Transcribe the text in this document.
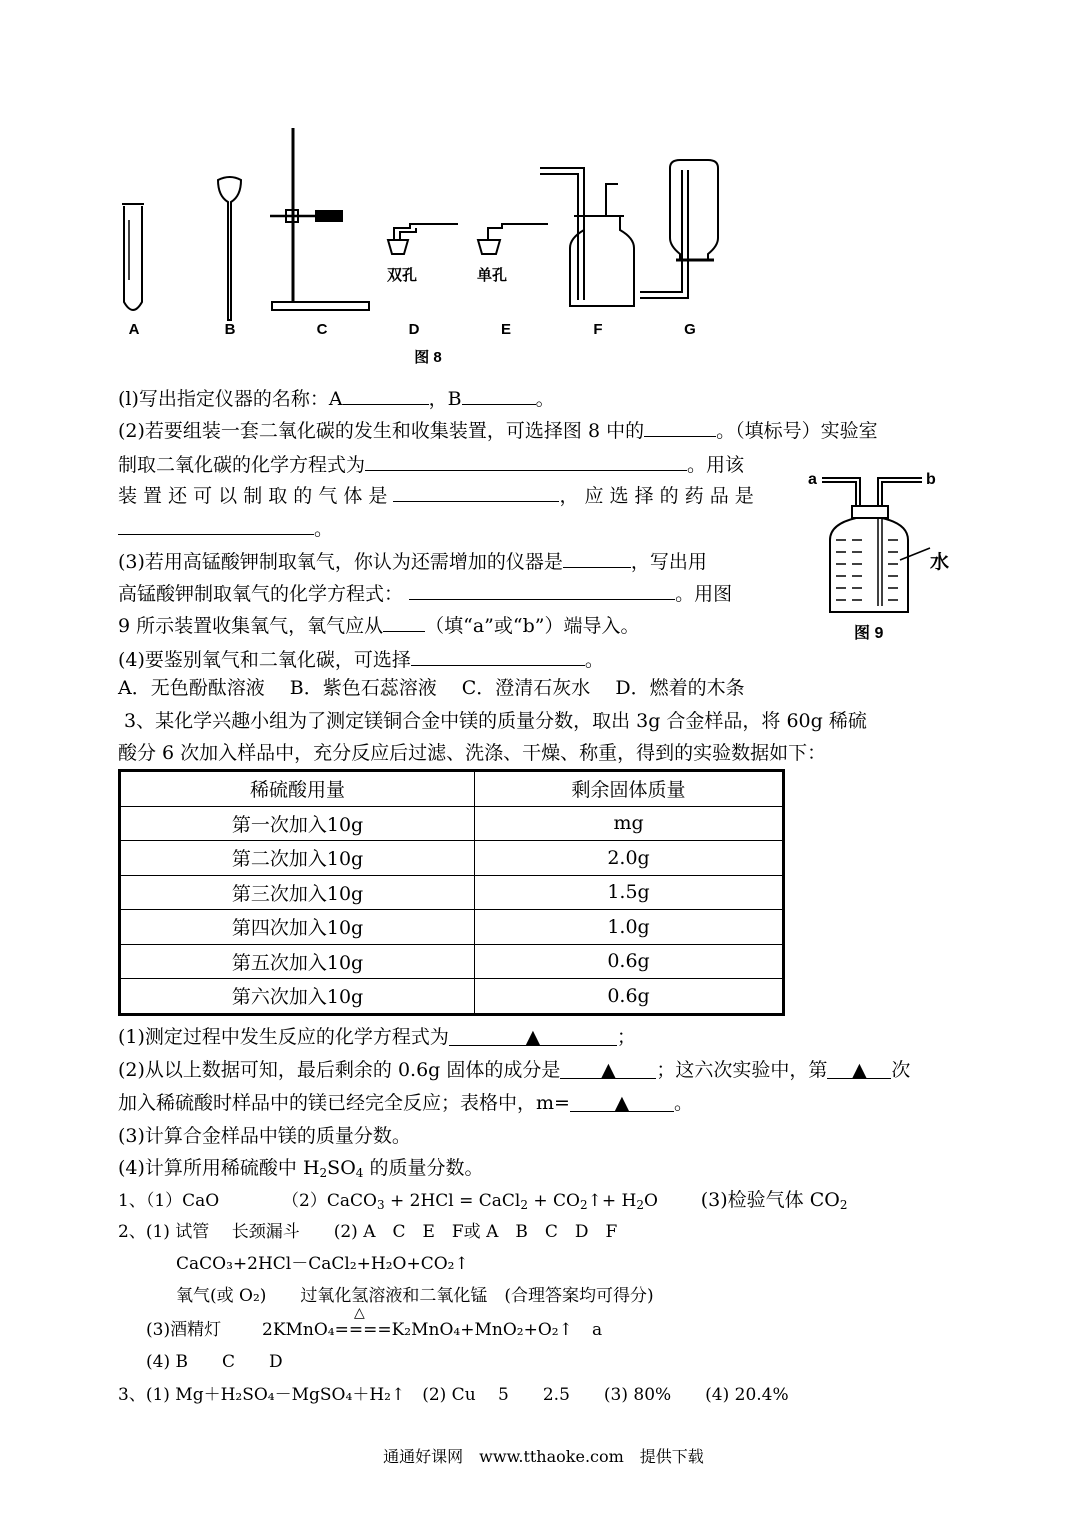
A	B	C	D	E	F	G
双孔	单孔
图 8
a	b
水
图 9
(l)写出指定仪器的名称：A	，B	。
(2)若要组装一套二氧化碳的发生和收集装置，可选择图 8 中的	。（填标号）实验室
制取二氧化碳的化学方程式为	。用该
装 置 还 可 以 制 取 的 气 体 是	， 应 选 择 的 药 品 是
。
(3)若用高锰酸钾制取氧气，你认为还需增加的仪器是	，写出用
高锰酸钾制取氧气的化学方程式：	。用图
9 所示装置收集氧气，氧气应从 （填“a”或“b”）端导入。
(4)要鉴别氧气和二氧化碳，可选择	。
A．无色酚酞溶液　 B．紫色石蕊溶液　 C．澄清石灰水　 D．燃着的木条
3、某化学兴趣小组为了测定镁铜合金中镁的质量分数，取出 3g 合金样品，将 60g 稀硫
酸分 6 次加入样品中，充分反应后过滤、洗涤、干燥、称重，得到的实验数据如下：
稀硫酸用量	剩余固体质量
第一次加入10g	mg
第二次加入10g	2.0g
第三次加入10g	1.5g
第四次加入10g	1.0g
第五次加入10g	0.6g
第六次加入10g	0.6g
(1)测定过程中发生反应的化学方程式为	▲	；
(2)从以上数据可知，最后剩余的 0.6g 固体的成分是 ▲ ；这六次实验中，第 ▲ 次
加入稀硫酸时样品中的镁已经完全反应；表格中，m= ▲ 。
(3)计算合金样品中镁的质量分数。
(4)计算所用稀硫酸中 $H_2SO_4$ 的质量分数。
1、（1）CaO	（2）CaCO$_3$ + 2HCl = CaCl$_2$ + $CO_2↑+ H_2O$ (3)检验气体 $CO_2$
2、(1) 试管　 长颈漏斗　　(2) A　C　E　F或 A　B　C　D　F
CaCO₃+2HCl－CaCl₂+H₂O+CO₂↑
氧气(或 O₂)　　过氧化氢溶液和二氧化锰　(合理答案均可得分)
△
(3)酒精灯 2KMnO₄====K₂MnO₄+MnO₂+O₂↑ a
(4) B　　C　　D
3、(1) Mg＋H₂SO₄－MgSO₄＋H₂↑　(2) Cu　 5　　2.5　　(3) 80%　　(4) 20.4%
通通好课网　www.tthaoke.com　提供下载
